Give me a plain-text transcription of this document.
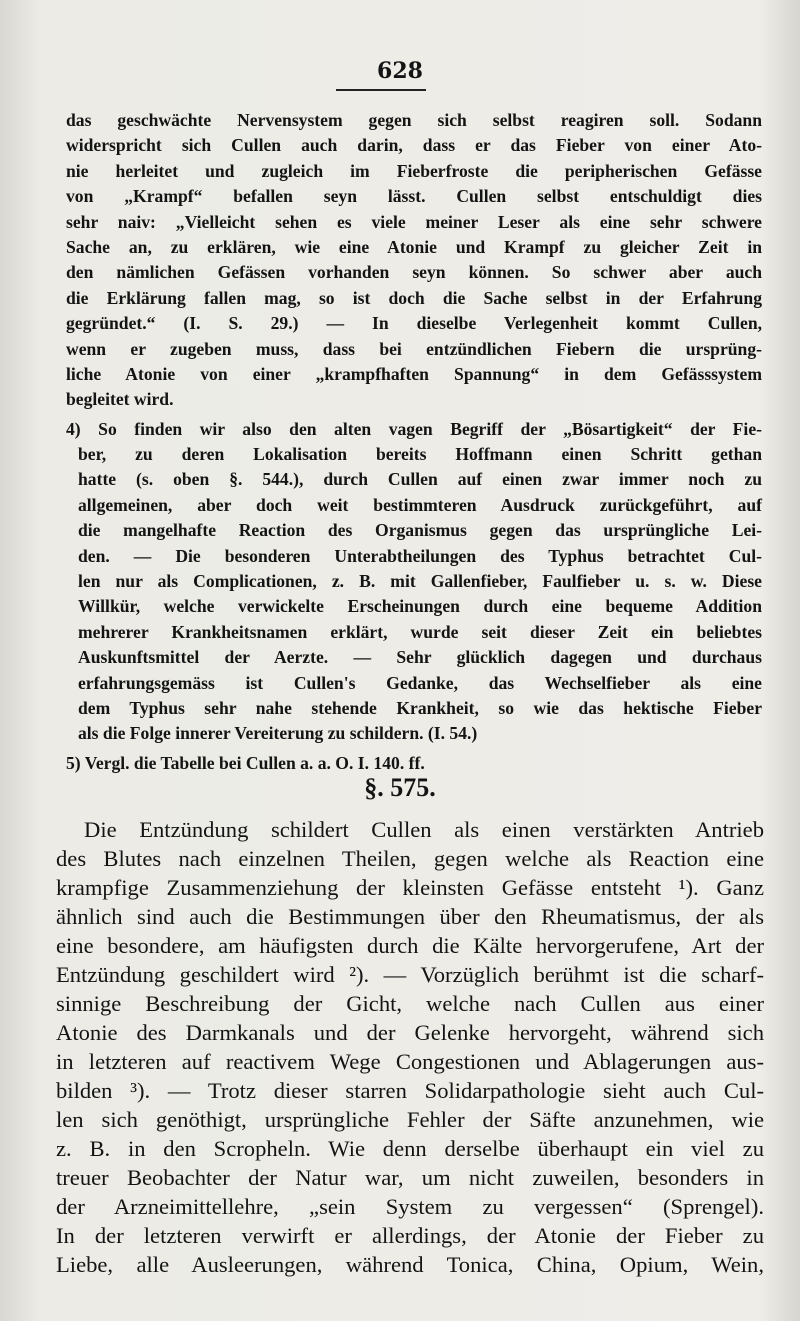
628
das geschwächte Nervensystem gegen sich selbst reagiren soll. Sodann
widerspricht sich Cullen auch darin, dass er das Fieber von einer Ato-
nie herleitet und zugleich im Fieberfroste die peripherischen Gefässe
von „Krampf“ befallen seyn lässt. Cullen selbst entschuldigt dies
sehr naiv: „Vielleicht sehen es viele meiner Leser als eine sehr schwere
Sache an, zu erklären, wie eine Atonie und Krampf zu gleicher Zeit in
den nämlichen Gefässen vorhanden seyn können. So schwer aber auch
die Erklärung fallen mag, so ist doch die Sache selbst in der Erfahrung
gegründet.“ (I. S. 29.) — In dieselbe Verlegenheit kommt Cullen,
wenn er zugeben muss, dass bei entzündlichen Fiebern die ursprüng-
liche Atonie von einer „krampfhaften Spannung“ in dem Gefässsystem
begleitet wird.
4) So finden wir also den alten vagen Begriff der „Bösartigkeit“ der Fie-
ber, zu deren Lokalisation bereits Hoffmann einen Schritt gethan
hatte (s. oben §. 544.), durch Cullen auf einen zwar immer noch zu
allgemeinen, aber doch weit bestimmteren Ausdruck zurückgeführt, auf
die mangelhafte Reaction des Organismus gegen das ursprüngliche Lei-
den. — Die besonderen Unterabtheilungen des Typhus betrachtet Cul-
len nur als Complicationen, z. B. mit Gallenfieber, Faulfieber u. s. w. Diese
Willkür, welche verwickelte Erscheinungen durch eine bequeme Addition
mehrerer Krankheitsnamen erklärt, wurde seit dieser Zeit ein beliebtes
Auskunftsmittel der Aerzte. — Sehr glücklich dagegen und durchaus
erfahrungsgemäss ist Cullen's Gedanke, das Wechselfieber als eine
dem Typhus sehr nahe stehende Krankheit, so wie das hektische Fieber
als die Folge innerer Vereiterung zu schildern. (I. 54.)
5) Vergl. die Tabelle bei Cullen a. a. O. I. 140. ff.
§. 575.
Die Entzündung schildert Cullen als einen verstärkten Antrieb
des Blutes nach einzelnen Theilen, gegen welche als Reaction eine
krampfige Zusammenziehung der kleinsten Gefässe entsteht ¹). Ganz
ähnlich sind auch die Bestimmungen über den Rheumatismus, der als
eine besondere, am häufigsten durch die Kälte hervorgerufene, Art der
Entzündung geschildert wird ²). — Vorzüglich berühmt ist die scharf-
sinnige Beschreibung der Gicht, welche nach Cullen aus einer
Atonie des Darmkanals und der Gelenke hervorgeht, während sich
in letzteren auf reactivem Wege Congestionen und Ablagerungen aus-
bilden ³). — Trotz dieser starren Solidarpathologie sieht auch Cul-
len sich genöthigt, ursprüngliche Fehler der Säfte anzunehmen, wie
z. B. in den Scropheln. Wie denn derselbe überhaupt ein viel zu
treuer Beobachter der Natur war, um nicht zuweilen, besonders in
der Arzneimittellehre, „sein System zu vergessen“ (Sprengel).
In der letzteren verwirft er allerdings, der Atonie der Fieber zu
Liebe, alle Ausleerungen, während Tonica, China, Opium, Wein,
